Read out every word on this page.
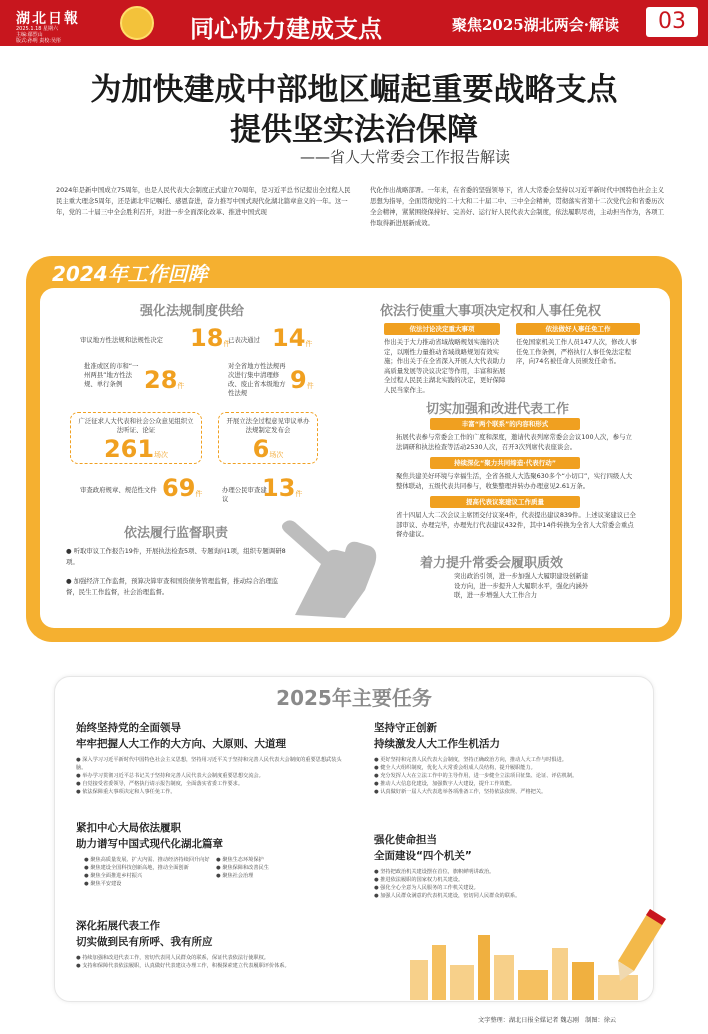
湖北日報
2025.1.18 星期六
主编:鄢烈山
版式:孙明 责校:吴彤	同心协力建成支点	聚焦2025湖北两会·解读	03
为加快建成中部地区崛起重要战略支点
提供坚实法治保障
——省人大常委会工作报告解读
2024年是新中国成立75周年，也是人民代表大会制度正式建立70周年，是习近平总书记提出全过程人民民主重大理念5周年，还是湖北牢记嘱托、感恩奋进，奋力推写中国式现代化湖北篇章意义的一年。这一年，党的二十届三中全会胜利召开，对进一步全面深化改革、推进中国式现
代化作出战略部署。一年来，在省委的坚强领导下，省人大常委会坚持以习近平新时代中国特色社会主义思想为指导，全面贯彻党的二十大和二十届二中、三中全会精神，贯彻落实省第十二次党代会和省委历次全会精神，紧紧围绕保持好、完善好、运行好人民代表大会制度，依法履职尽责，主动担当作为，各项工作取得新进展新成效。
2024年工作回眸
强化法规制度供给
审议地方性法规和法规性决定	18件
已表决通过 14件
批准或区的市和“一州两县”地方性法规、单行条例 28件
对全省地方性法规再次进行集中清理修改、废止省本级地方性法规	9件
广泛征求人大代表和社会公众意见组织立法听证、论证
261场次
开展立法全过程意见审议单办法规制定发布会
6场次
审查政府规章、规范性文件 69件	办理公民审查建议	13件
依法履行监督职责
● 听取审议工作报告19件，开展执法检查5项、专题询问1项，组织专题调研8项。
● 加强经济工作监督，预算决算审查和国资债务管理监督，推动综合治理监督，民生工作监督，社会治理监督。
依法行使重大事项决定权和人事任免权
依法讨论决定重大事项
作出关于大力推动省域战略规划实施的决定，以刚性力量推动省域战略规划有效实施；作出关于在全省深入开展人大代表助力高质量发展等决议决定等作用，丰富和拓展全过程人民民主湖北实践的决定，更好保障人民当家作主。
依法做好人事任免工作
任免国家机关工作人员147人次，修改人事任免工作条例，严格执行人事任免法定程序，向74名被任命人员颁发任命书。
切实加强和改进代表工作
丰富“两个联系”的内容和形式
拓展代表参与常委会工作的广度和深度，邀请代表列席常委会会议100人次，参与立法调研和执法检查等活动2530人次，召开3次列席代表座谈会。
持续深化“聚力共同缔造·代表行动”
聚焦共建美好环境与幸福生活，全省各级人大选聚630多个“小切口”，实行四级人大整体联动，五级代表共同参与，收集整理并转办办理意见2.61万条。
提高代表议案建议工作质量
省十四届人大二次会议主席团交付议案4件，代表提出建议839件。上述议案建议已全部审议、办理完毕，办理先行代表建议432件，其中14件转换为全省人大常委会重点督办建议。
着力提升常委会履职质效
突出政治引领，进一步加强人大履职建设创新建设方向，进一步提升人大履职水平，强化内涵外联，进一步增强人大工作合力
2025年主要任务
始终坚持党的全面领导
牢牢把握人大工作的大方向、大原则、大道理
● 深入学习习近平新时代中国特色社会主义思想，坚持用习近平关于坚持和完善人民代表大会制度的重要思想武装头脑。
● 举办学习贯彻习近平总书记关于坚持和完善人民代表大会制度重要思想交流会。
● 自觉接受省委领导，严格执行请示报告制度，全面落实省委工作要求。
● 依法保障重大事项决定和人事任免工作。
紧扣中心大局依法履职
助力谱写中国式现代化湖北篇章
● 聚焦高质量发展、扩大内需、推动经济持续回升向好
● 聚焦建设全国科技创新高地，推动全面创新
● 聚焦全面推进乡村振兴
● 聚焦平安建设
● 聚焦生态环境保护
● 聚焦保障和改善民生
● 聚焦社会治理
深化拓展代表工作
切实做到民有所呼、我有所应
● 持续加强和改进代表工作，密切代表同人民群众的联系，保证代表依法行使职权。
● 支持和保障代表依法履职，认真做好代表建议办理工作，积极探索建立代表履职评价体系。
坚持守正创新
持续激发人大工作生机活力
● 更好坚持和完善人民代表大会制度，坚持正确政治方向，推动人大工作与时俱进。
● 健全人大组织制度，优化人大常委会组成人员结构，提升履职能力。
● 充分发挥人大在立法工作中的主导作用，进一步健全立法项目征集、论证、评估机制。
● 推动人大信息化建设，加强数字人大建设，提升工作效能。
● 认真做好新一届人大代表选举各项准备工作，坚持依法依规、严格把关。
强化使命担当
全面建设“四个机关”
● 坚持把政治机关建设摆在首位，旗帜鲜明讲政治。
● 推进依法履职的国家权力机关建设。
● 强化全心全意为人民服务的工作机关建设。
● 加强人民群众满意的代表机关建设，密切同人民群众的联系。
文字整理：湖北日报全媒记者 魏志刚　制图：徐云
